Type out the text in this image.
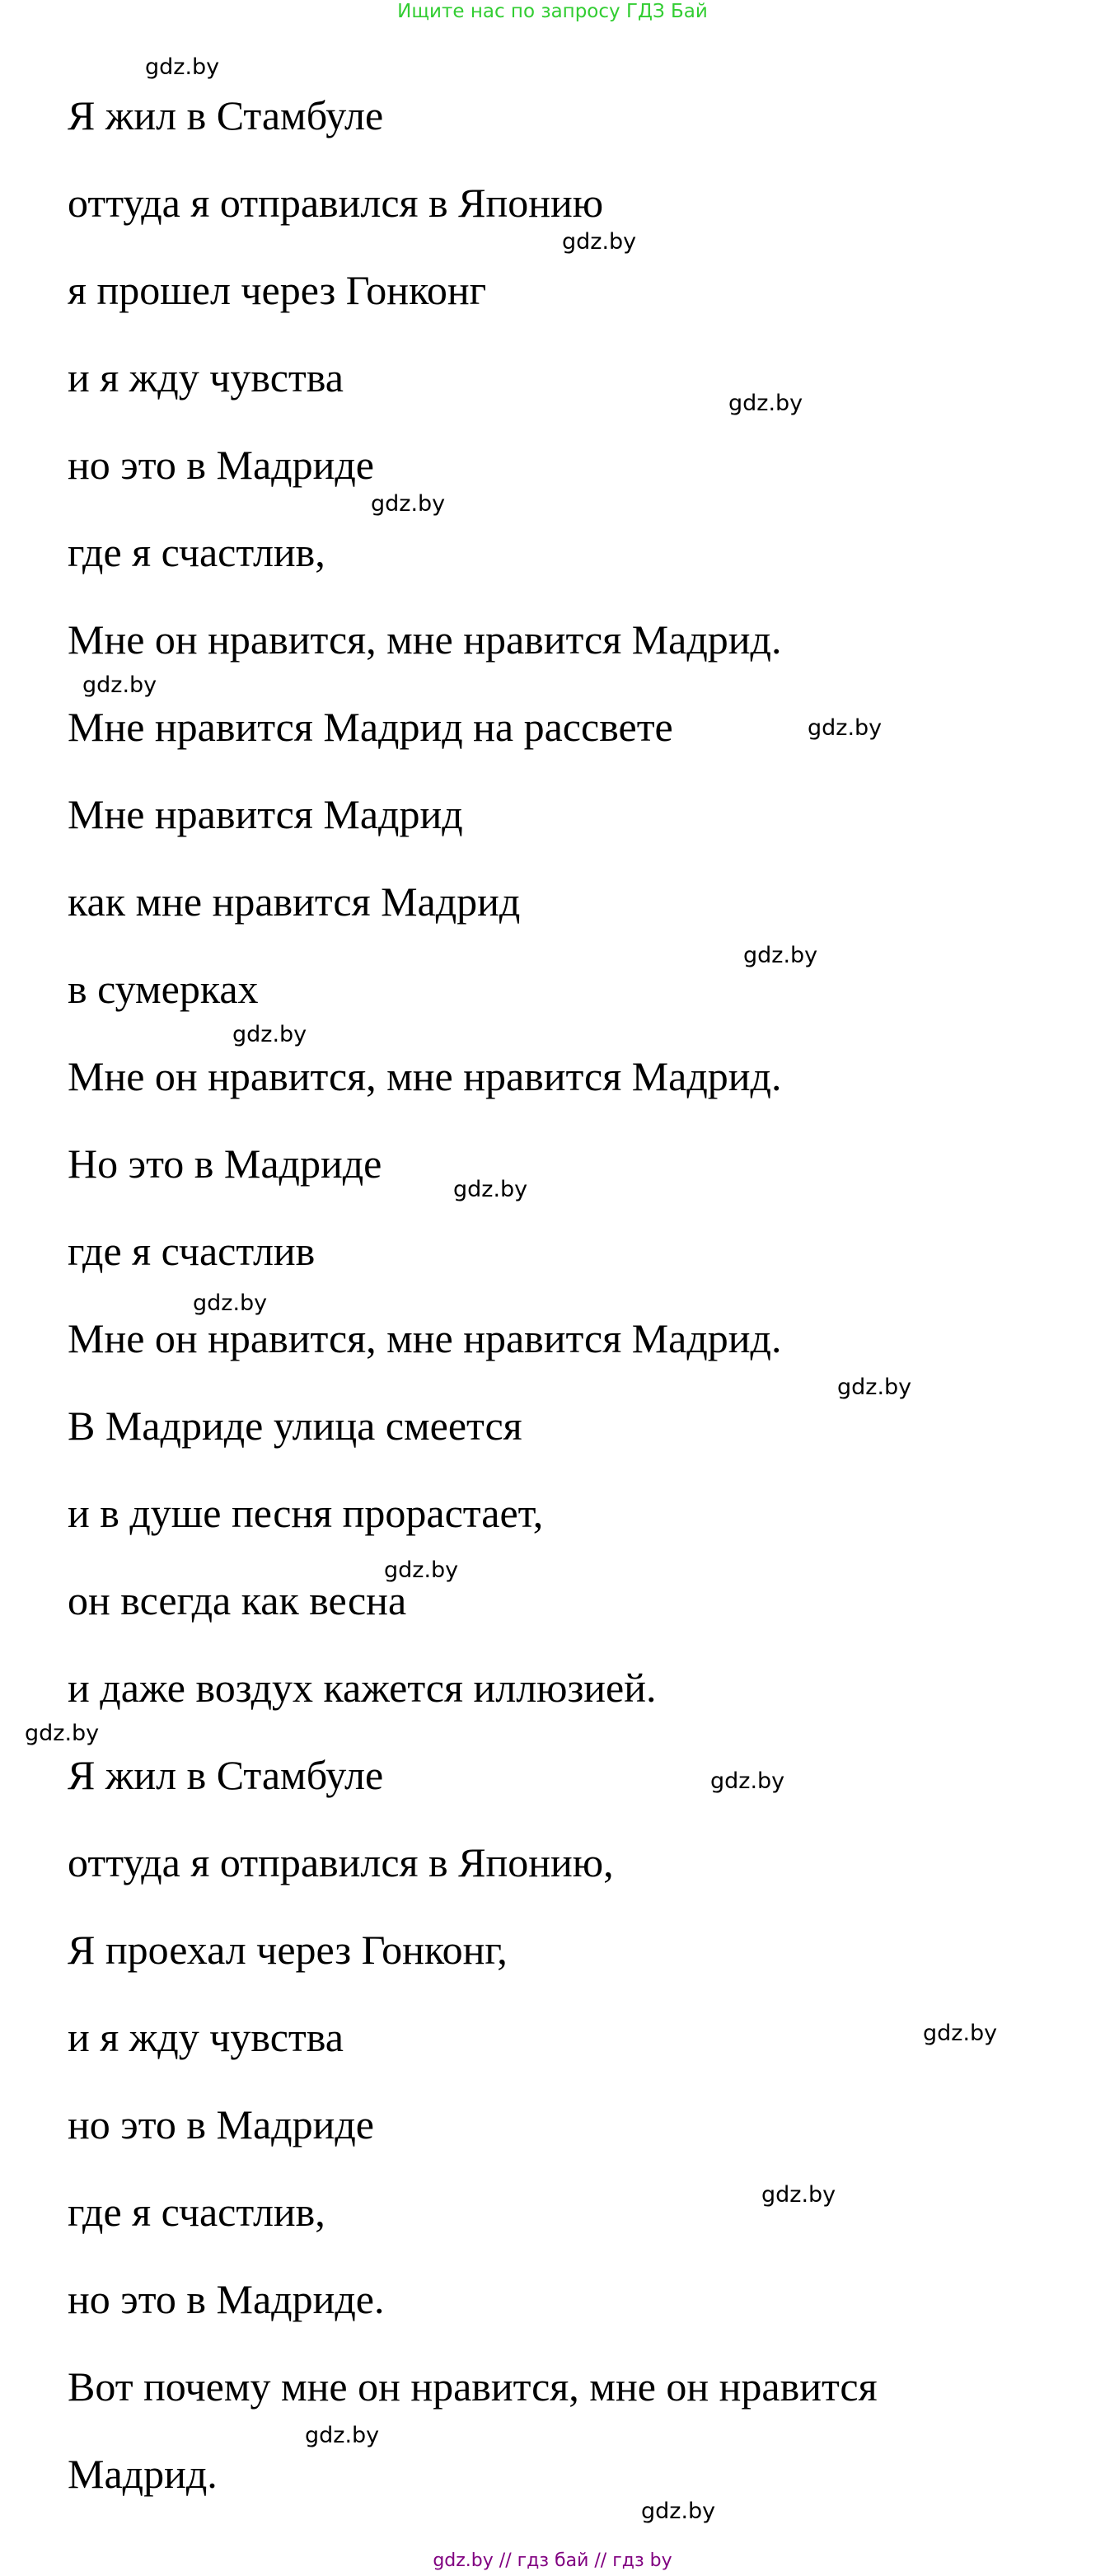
Ищите нас по запросу ГДЗ Бай
Я жил в Стамбуле
оттуда я отправился в Японию
я прошел через Гонконг
и я жду чувства
но это в Мадриде
где я счастлив,
Мне он нравится, мне нравится Мадрид.
Мне нравится Мадрид на рассвете
Мне нравится Мадрид
как мне нравится Мадрид
в сумерках
Мне он нравится, мне нравится Мадрид.
Но это в Мадриде
где я счастлив
Мне он нравится, мне нравится Мадрид.
В Мадриде улица смеется
и в душе песня прорастает,
он всегда как весна
и даже воздух кажется иллюзией.
Я жил в Стамбуле
оттуда я отправился в Японию,
Я проехал через Гонконг,
и я жду чувства
но это в Мадриде
где я счастлив,
но это в Мадриде.
Вот почему мне он нравится, мне он нравится
Мадрид.
gdz.by
gdz.by
gdz.by
gdz.by
gdz.by
gdz.by
gdz.by
gdz.by
gdz.by
gdz.by
gdz.by
gdz.by
gdz.by
gdz.by
gdz.by
gdz.by
gdz.by
gdz.by
gdz.by // гдз бай // гдз by
